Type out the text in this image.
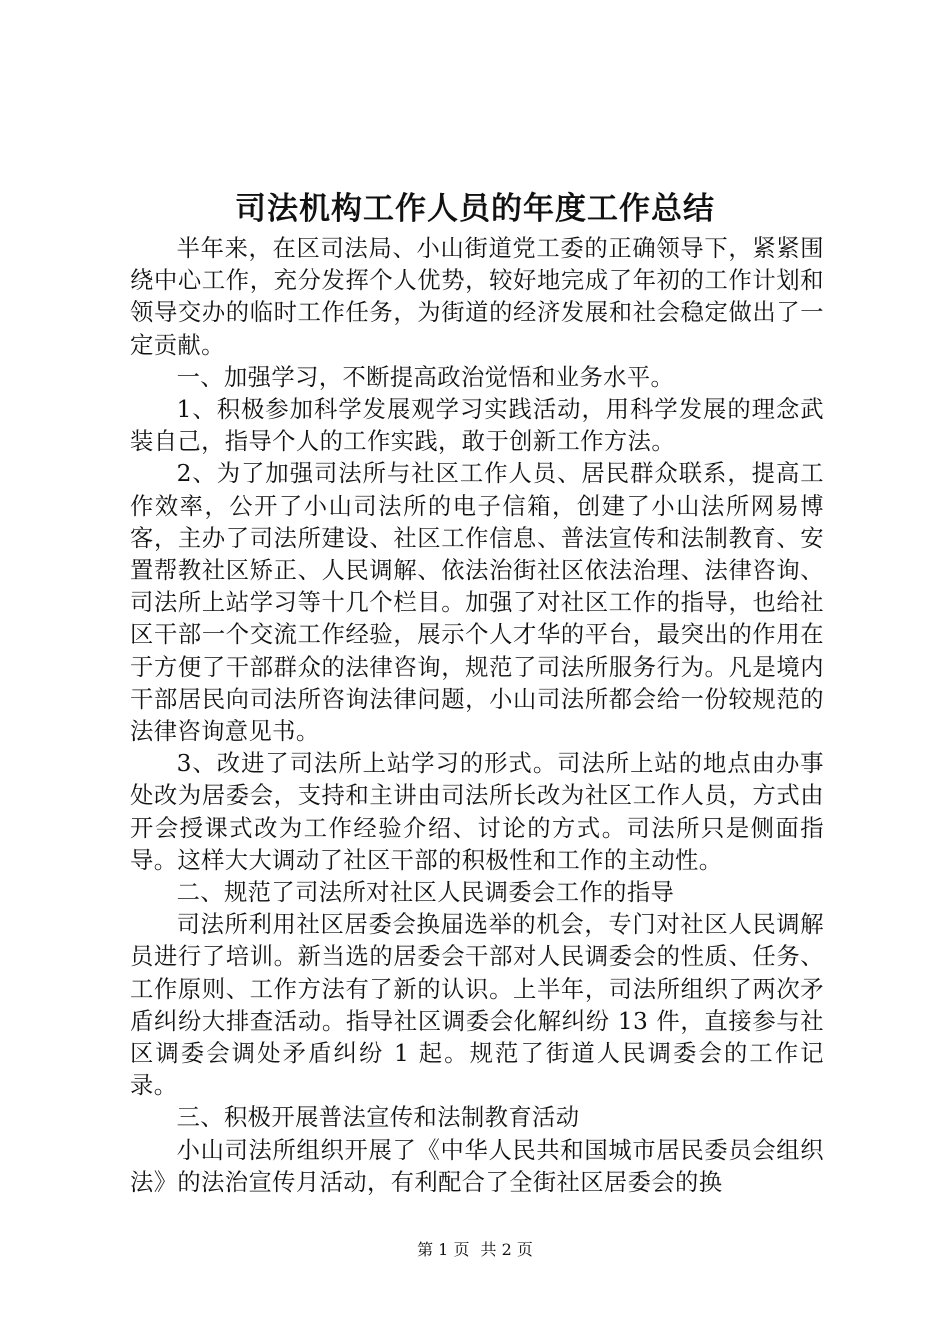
司法机构工作人员的年度工作总结

半年来，在区司法局、小山街道党工委的正确领导下，紧紧围绕中心工作，充分发挥个人优势，较好地完成了年初的工作计划和领导交办的临时工作任务，为街道的经济发展和社会稳定做出了一定贡献。

一、加强学习，不断提高政治觉悟和业务水平。

1、积极参加科学发展观学习实践活动，用科学发展的理念武装自己，指导个人的工作实践，敢于创新工作方法。

2、为了加强司法所与社区工作人员、居民群众联系，提高工作效率，公开了小山司法所的电子信箱，创建了小山法所网易博客，主办了司法所建设、社区工作信息、普法宣传和法制教育、安置帮教社区矫正、人民调解、依法治街社区依法治理、法律咨询、司法所上站学习等十几个栏目。加强了对社区工作的指导，也给社区干部一个交流工作经验，展示个人才华的平台，最突出的作用在于方便了干部群众的法律咨询，规范了司法所服务行为。凡是境内干部居民向司法所咨询法律问题，小山司法所都会给一份较规范的法律咨询意见书。

3、改进了司法所上站学习的形式。司法所上站的地点由办事处改为居委会，支持和主讲由司法所长改为社区工作人员，方式由开会授课式改为工作经验介绍、讨论的方式。司法所只是侧面指导。这样大大调动了社区干部的积极性和工作的主动性。

二、规范了司法所对社区人民调委会工作的指导

司法所利用社区居委会换届选举的机会，专门对社区人民调解员进行了培训。新当选的居委会干部对人民调委会的性质、任务、工作原则、工作方法有了新的认识。上半年，司法所组织了两次矛盾纠纷大排查活动。指导社区调委会化解纠纷 13 件，直接参与社区调委会调处矛盾纠纷 1 起。规范了街道人民调委会的工作记录。

三、积极开展普法宣传和法制教育活动

小山司法所组织开展了《中华人民共和国城市居民委员会组织法》的法治宣传月活动，有利配合了全街社区居委会的换

第 1 页 共 2 页
